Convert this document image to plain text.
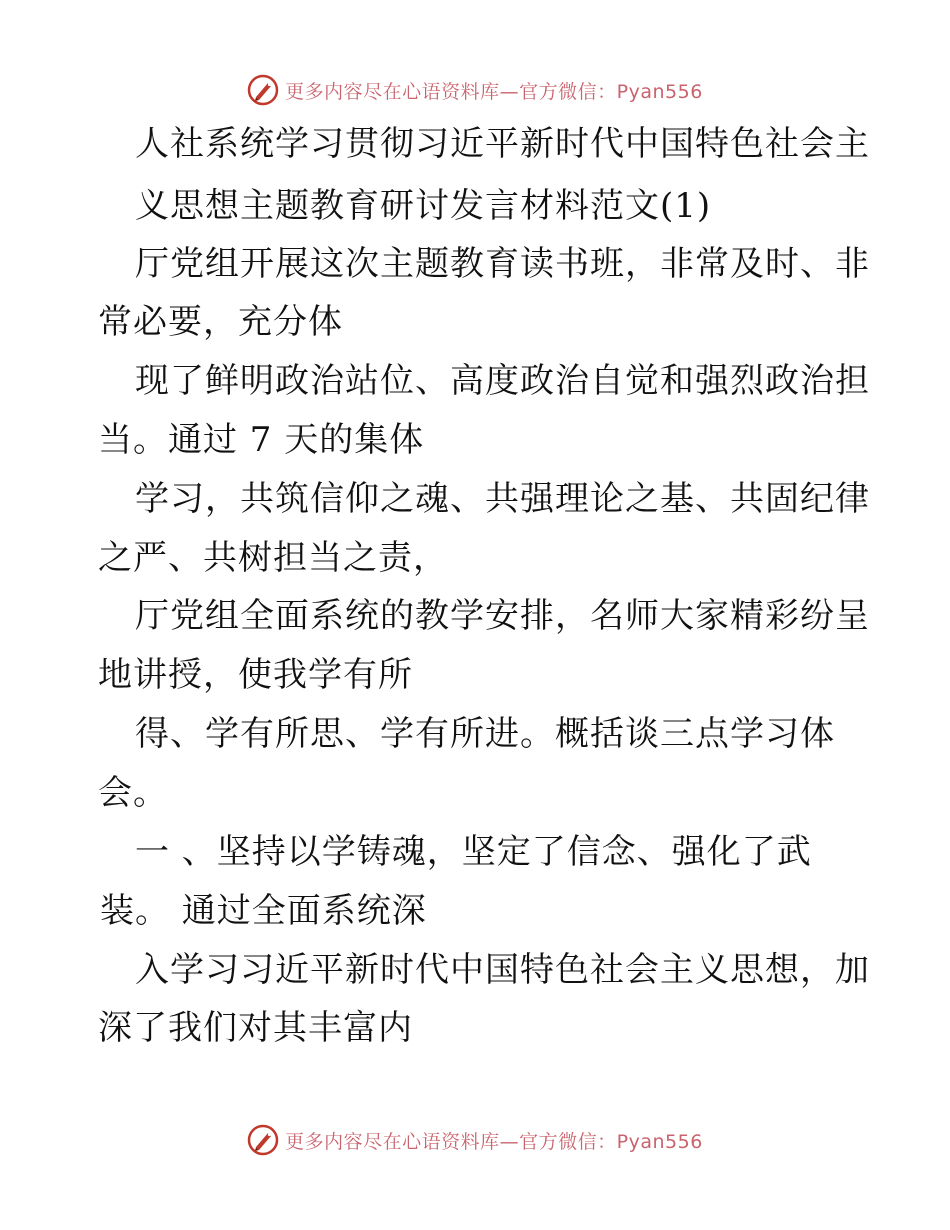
更多内容尽在心语资料库—官方微信：Pyan556
人社系统学习贯彻习近平新时代中国特色社会主
义思想主题教育研讨发言材料范文(1)
厅党组开展这次主题教育读书班，非常及时、非
常必要，充分体
现了鲜明政治站位、高度政治自觉和强烈政治担
当。通过 7 天的集体
学习，共筑信仰之魂、共强理论之基、共固纪律
之严、共树担当之责，
厅党组全面系统的教学安排，名师大家精彩纷呈
地讲授，使我学有所
得、学有所思、学有所进。概括谈三点学习体
会。
一 、坚持以学铸魂，坚定了信念、强化了武
装。 通过全面系统深
入学习习近平新时代中国特色社会主义思想，加
深了我们对其丰富内
更多内容尽在心语资料库—官方微信：Pyan556
